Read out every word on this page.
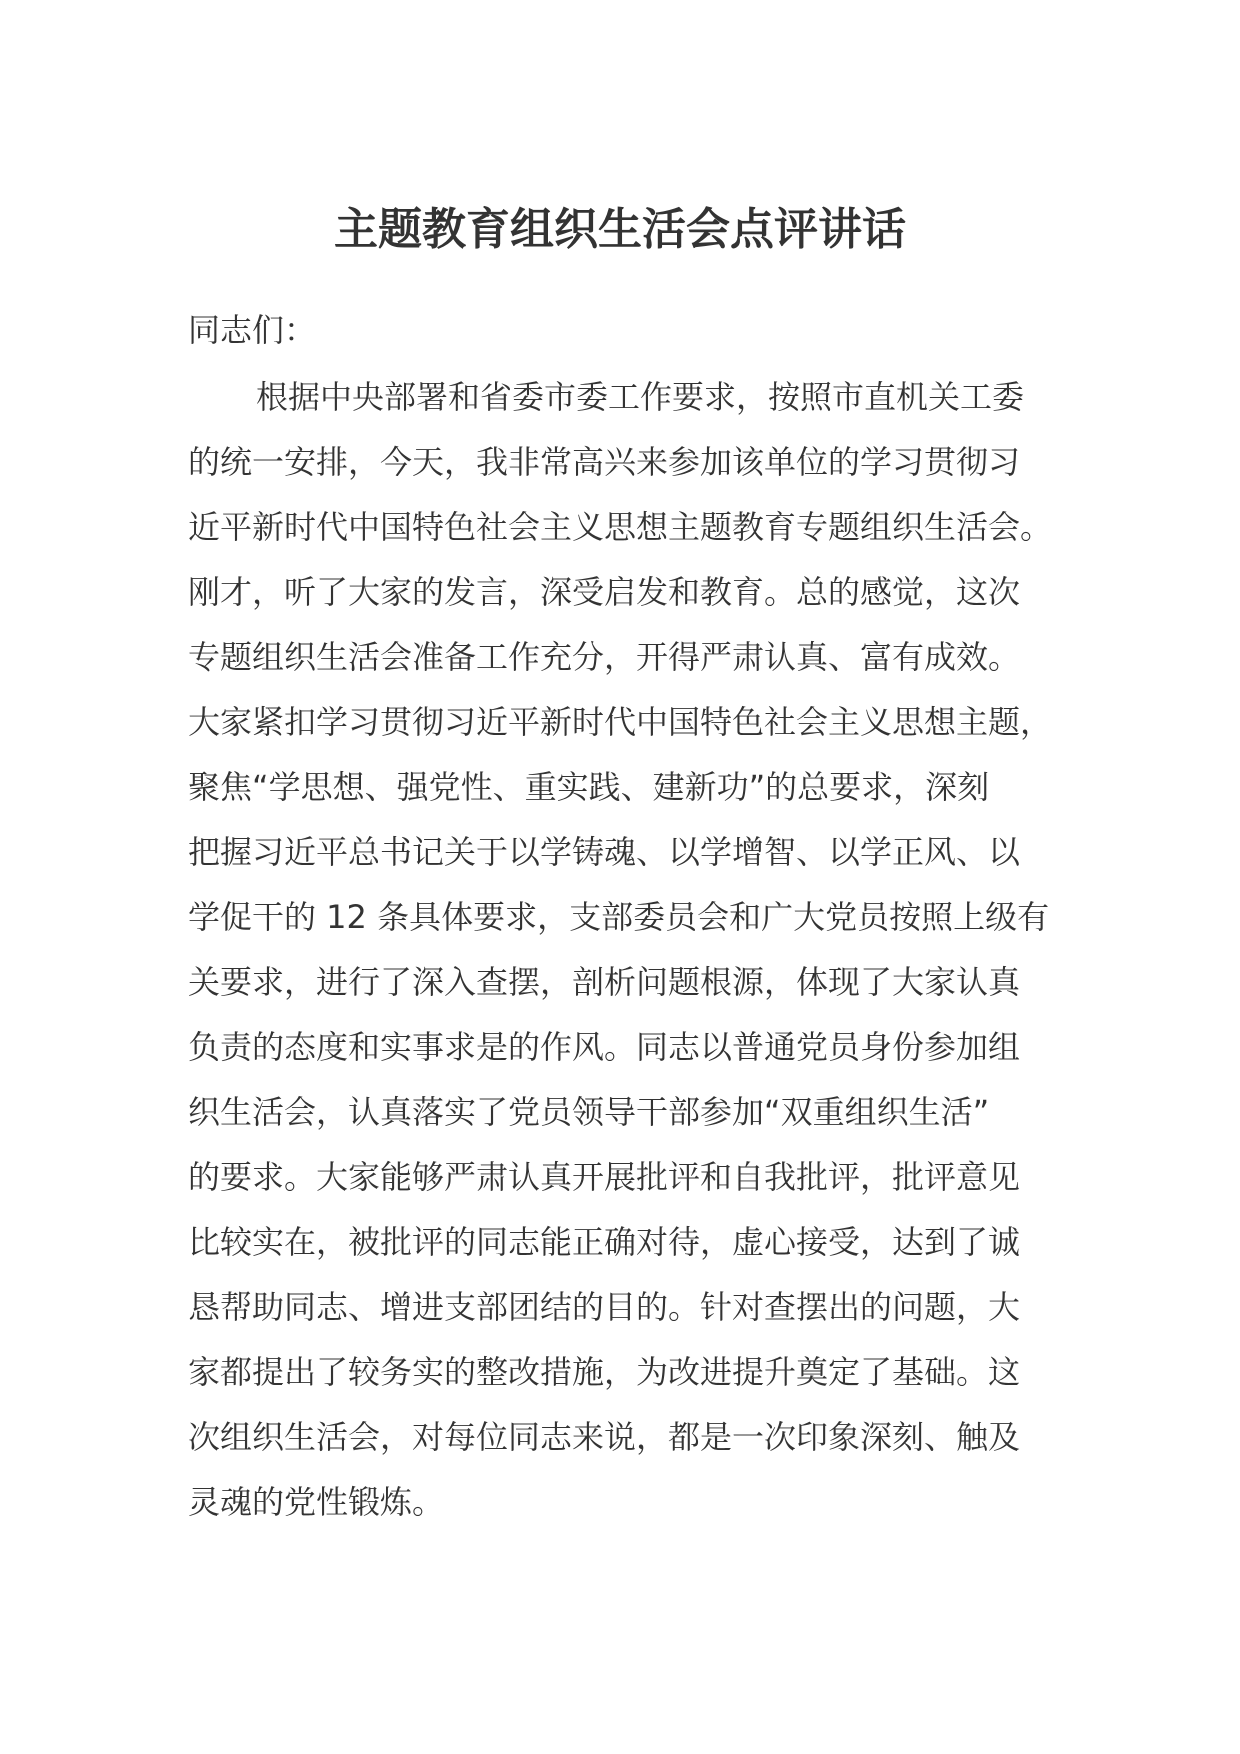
主题教育组织生活会点评讲话

同志们：

根据中央部署和省委市委工作要求，按照市直机关工委
的统一安排，今天，我非常高兴来参加该单位的学习贯彻习
近平新时代中国特色社会主义思想主题教育专题组织生活会。
刚才，听了大家的发言，深受启发和教育。总的感觉，这次
专题组织生活会准备工作充分，开得严肃认真、富有成效。
大家紧扣学习贯彻习近平新时代中国特色社会主义思想主题，
聚焦“学思想、强党性、重实践、建新功”的总要求，深刻
把握习近平总书记关于以学铸魂、以学增智、以学正风、以
学促干的 12 条具体要求，支部委员会和广大党员按照上级有
关要求，进行了深入查摆，剖析问题根源，体现了大家认真
负责的态度和实事求是的作风。同志以普通党员身份参加组
织生活会，认真落实了党员领导干部参加“双重组织生活”
的要求。大家能够严肃认真开展批评和自我批评，批评意见
比较实在，被批评的同志能正确对待，虚心接受，达到了诚
恳帮助同志、增进支部团结的目的。针对查摆出的问题，大
家都提出了较务实的整改措施，为改进提升奠定了基础。这
次组织生活会，对每位同志来说，都是一次印象深刻、触及
灵魂的党性锻炼。
